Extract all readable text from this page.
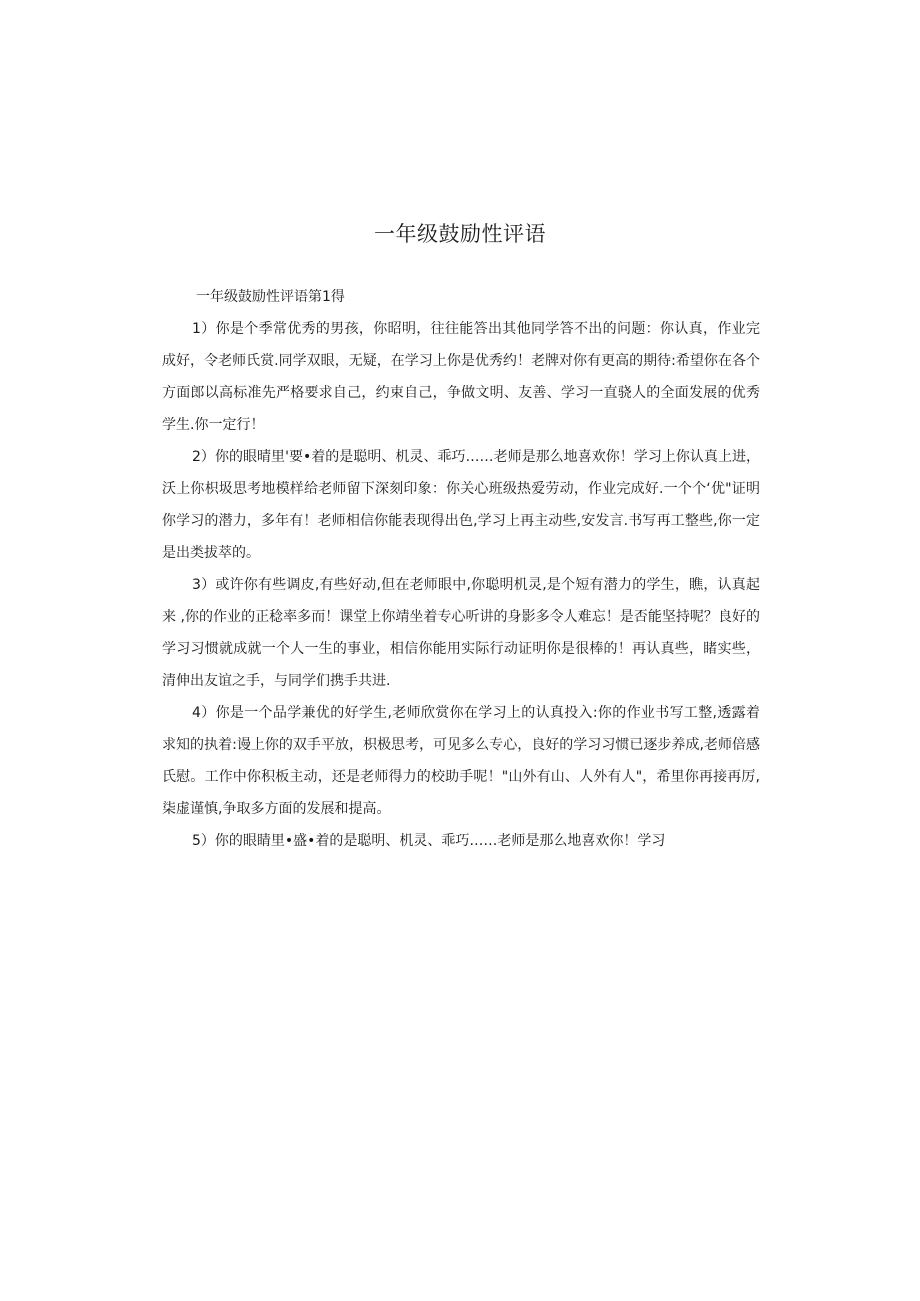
一年级鼓励性评语

一年级鼓励性评语第1得

1）你是个季常优秀的男孩，你昭明，往往能答出其他同学答不出的问题：你认真，作业完成好，令老师氏赏.同学双眼，无疑，在学习上你是优秀约！老牌对你有更高的期待:希望你在各个方面郎以高标准先严格要求自己，约束自己，争做文明、友善、学习一直骁人的全面发展的优秀学生.你一定行！

2）你的眼晴里'要•着的是聪明、机灵、乖巧……老师是那么地喜欢你！学习上你认真上进，沃上你枳圾思考地模样给老师留下深刻印象：你关心班级热爱劳动，作业完成好.一个个‘优"证明你学习的潜力，多年有！老师相信你能表现得出色,学习上再主动些,安发言.书写再工整些,你一定是出类拔萃的。

3）或许你有些调皮,有些好动,但在老师眼中,你聪明机灵,是个短有潜力的学生，瞧，认真起来 ,你的作业的正稔率多而！课堂上你靖坐着专心听讲的身影多令人难忘！是否能坚持呢？良好的学习习惯就成就一个人一生的事业，相信你能用实际行动证明你是很棒的！再认真些，睹实些，清伸出友谊之手，与同学们携手共进.

4）你是一个品学兼优的好学生,老师欣赏你在学习上的认真投入:你的作业书写工整,透露着求知的执着:谩上你的双手平放，枳极思考，可见多么专心，良好的学习习惯已逐步养成,老师倍感氏慰。工作中你积板主动，还是老师得力的校助手呢！"山外有山、人外有人"，希里你再接再厉,柒虚谨慎,争取多方面的发展和提高。

5）你的眼睛里•盛•着的是聪明、机灵、乖巧……老师是那么地喜欢你！学习
